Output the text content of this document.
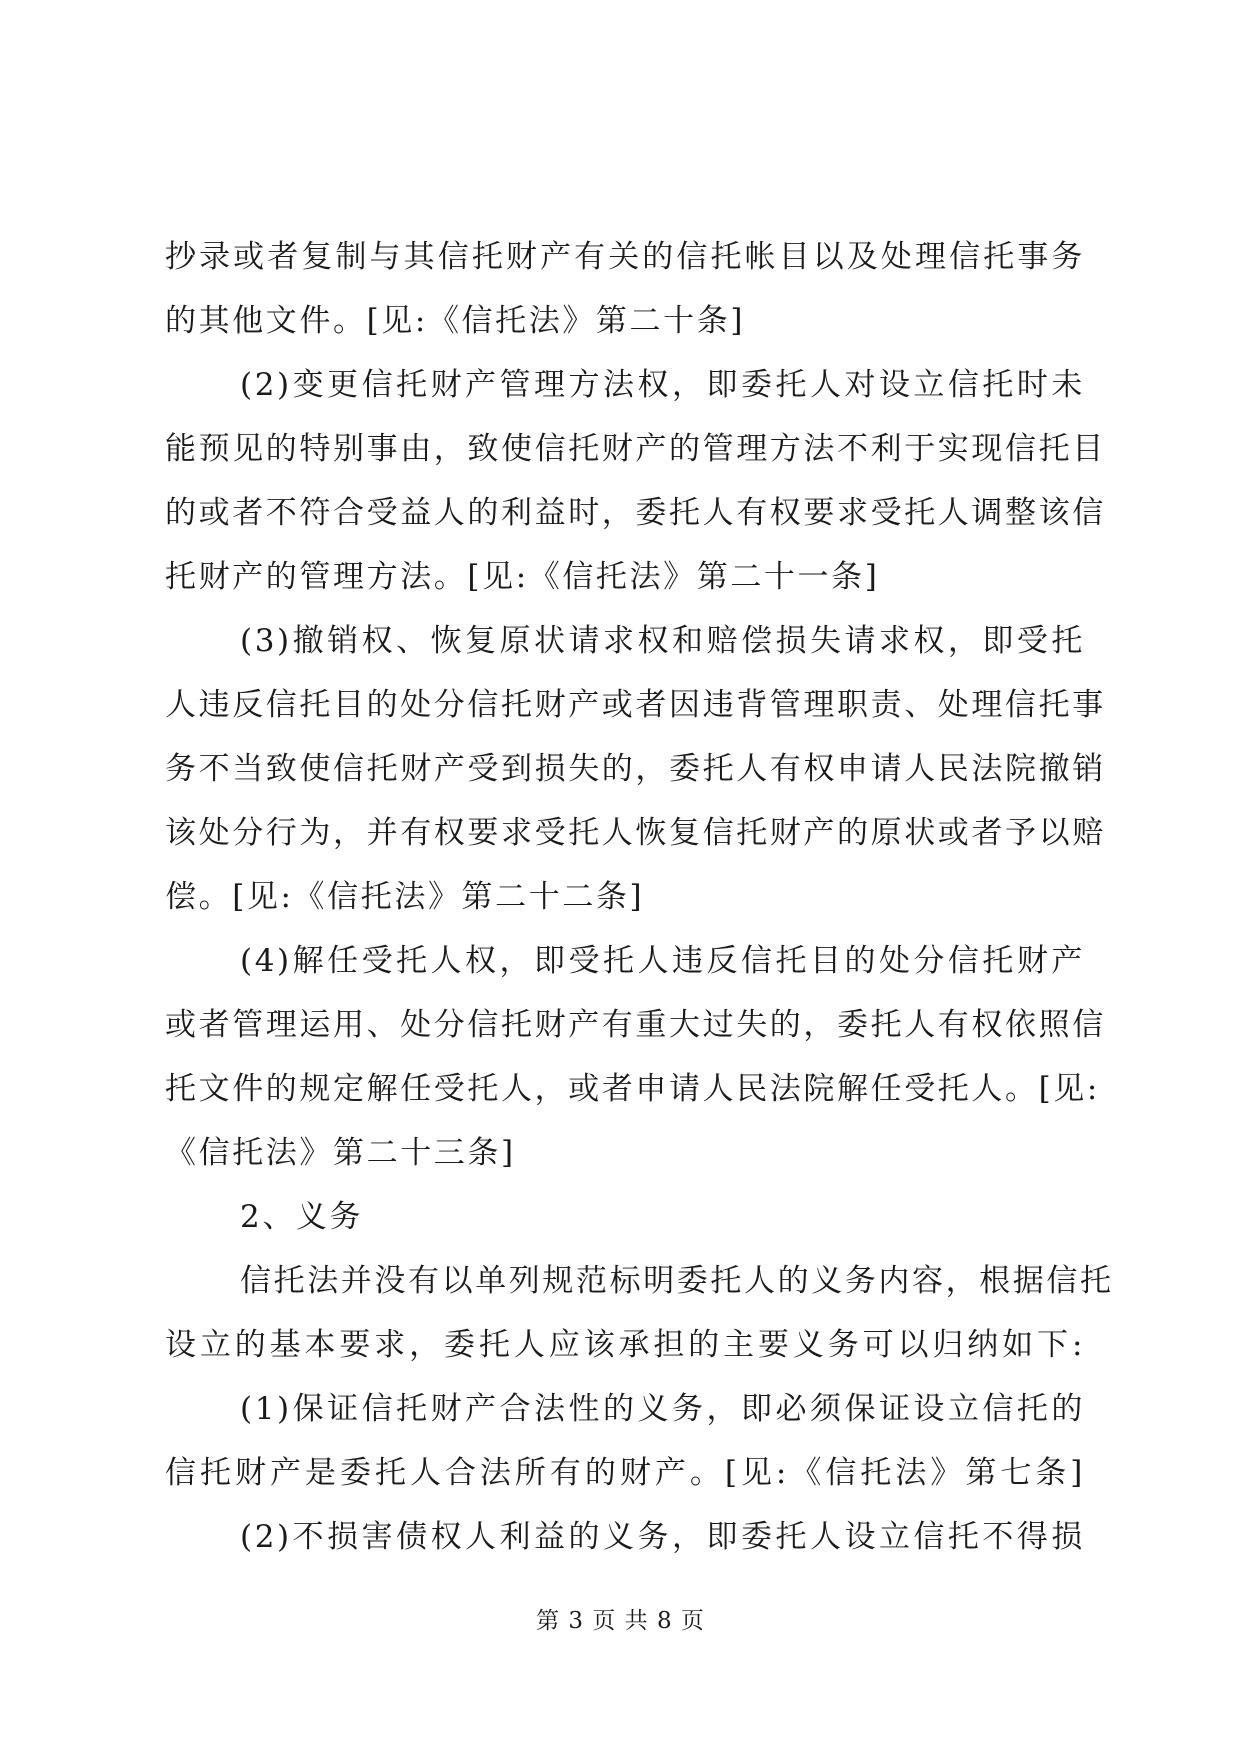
抄录或者复制与其信托财产有关的信托帐目以及处理信托事务
的其他文件。[见:《信托法》第二十条]
(2)变更信托财产管理方法权，即委托人对设立信托时未
能预见的特别事由，致使信托财产的管理方法不利于实现信托目
的或者不符合受益人的利益时，委托人有权要求受托人调整该信
托财产的管理方法。[见:《信托法》第二十一条]
(3)撤销权、恢复原状请求权和赔偿损失请求权，即受托
人违反信托目的处分信托财产或者因违背管理职责、处理信托事
务不当致使信托财产受到损失的，委托人有权申请人民法院撤销
该处分行为，并有权要求受托人恢复信托财产的原状或者予以赔
偿。[见:《信托法》第二十二条]
(4)解任受托人权，即受托人违反信托目的处分信托财产
或者管理运用、处分信托财产有重大过失的，委托人有权依照信
托文件的规定解任受托人，或者申请人民法院解任受托人。[见:
《信托法》第二十三条]
2、义务
信托法并没有以单列规范标明委托人的义务内容，根据信托
设立的基本要求，委托人应该承担的主要义务可以归纳如下:
(1)保证信托财产合法性的义务，即必须保证设立信托的
信托财产是委托人合法所有的财产。[见:《信托法》第七条]
(2)不损害债权人利益的义务，即委托人设立信托不得损
第 3 页 共 8 页
